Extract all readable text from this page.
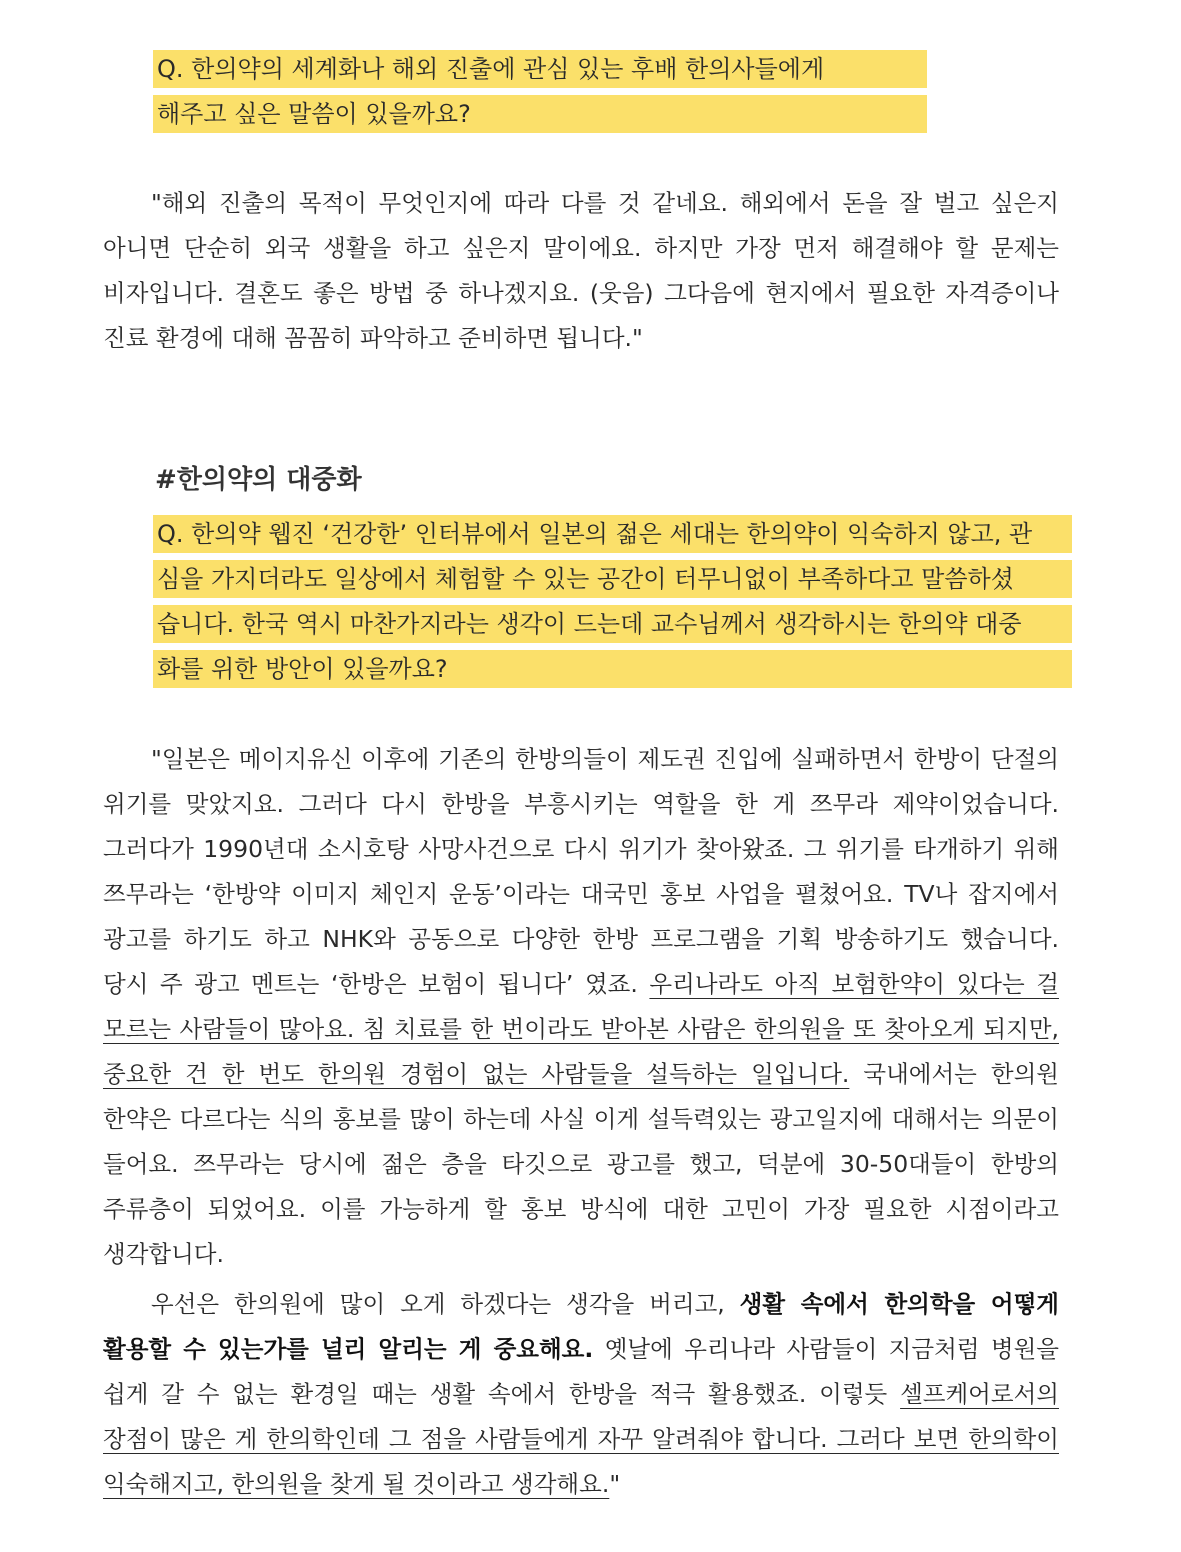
Q. 한의약의 세계화나 해외 진출에 관심 있는 후배 한의사들에게
해주고 싶은 말씀이 있을까요?
"해외 진출의 목적이 무엇인지에 따라 다를 것 같네요. 해외에서 돈을 잘 벌고 싶은지 아니면 단순히 외국 생활을 하고 싶은지 말이에요. 하지만 가장 먼저 해결해야 할 문제는 비자입니다. 결혼도 좋은 방법 중 하나겠지요. (웃음) 그다음에 현지에서 필요한 자격증이나 진료 환경에 대해 꼼꼼히 파악하고 준비하면 됩니다."
#한의약의 대중화
Q. 한의약 웹진 ‘건강한’ 인터뷰에서 일본의 젊은 세대는 한의약이 익숙하지 않고, 관
심을 가지더라도 일상에서 체험할 수 있는 공간이 터무니없이 부족하다고 말씀하셨
습니다. 한국 역시 마찬가지라는 생각이 드는데 교수님께서 생각하시는 한의약 대중
화를 위한 방안이 있을까요?
"일본은 메이지유신 이후에 기존의 한방의들이 제도권 진입에 실패하면서 한방이 단절의 위기를 맞았지요. 그러다 다시 한방을 부흥시키는 역할을 한 게 쯔무라 제약이었습니다. 그러다가 1990년대 소시호탕 사망사건으로 다시 위기가 찾아왔죠. 그 위기를 타개하기 위해 쯔무라는 ‘한방약 이미지 체인지 운동’이라는 대국민 홍보 사업을 펼쳤어요. TV나 잡지에서 광고를 하기도 하고 NHK와 공동으로 다양한 한방 프로그램을 기획 방송하기도 했습니다. 당시 주 광고 멘트는 ‘한방은 보험이 됩니다’ 였죠. 우리나라도 아직 보험한약이 있다는 걸 모르는 사람들이 많아요. 침 치료를 한 번이라도 받아본 사람은 한의원을 또 찾아오게 되지만, 중요한 건 한 번도 한의원 경험이 없는 사람들을 설득하는 일입니다. 국내에서는 한의원 한약은 다르다는 식의 홍보를 많이 하는데 사실 이게 설득력있는 광고일지에 대해서는 의문이 들어요. 쯔무라는 당시에 젊은 층을 타깃으로 광고를 했고, 덕분에 30-50대들이 한방의 주류층이 되었어요. 이를 가능하게 할 홍보 방식에 대한 고민이 가장 필요한 시점이라고 생각합니다.
우선은 한의원에 많이 오게 하겠다는 생각을 버리고, 생활 속에서 한의학을 어떻게 활용할 수 있는가를 널리 알리는 게 중요해요. 옛날에 우리나라 사람들이 지금처럼 병원을 쉽게 갈 수 없는 환경일 때는 생활 속에서 한방을 적극 활용했죠. 이렇듯 셀프케어로서의 장점이 많은 게 한의학인데 그 점을 사람들에게 자꾸 알려줘야 합니다. 그러다 보면 한의학이 익숙해지고, 한의원을 찾게 될 것이라고 생각해요."
